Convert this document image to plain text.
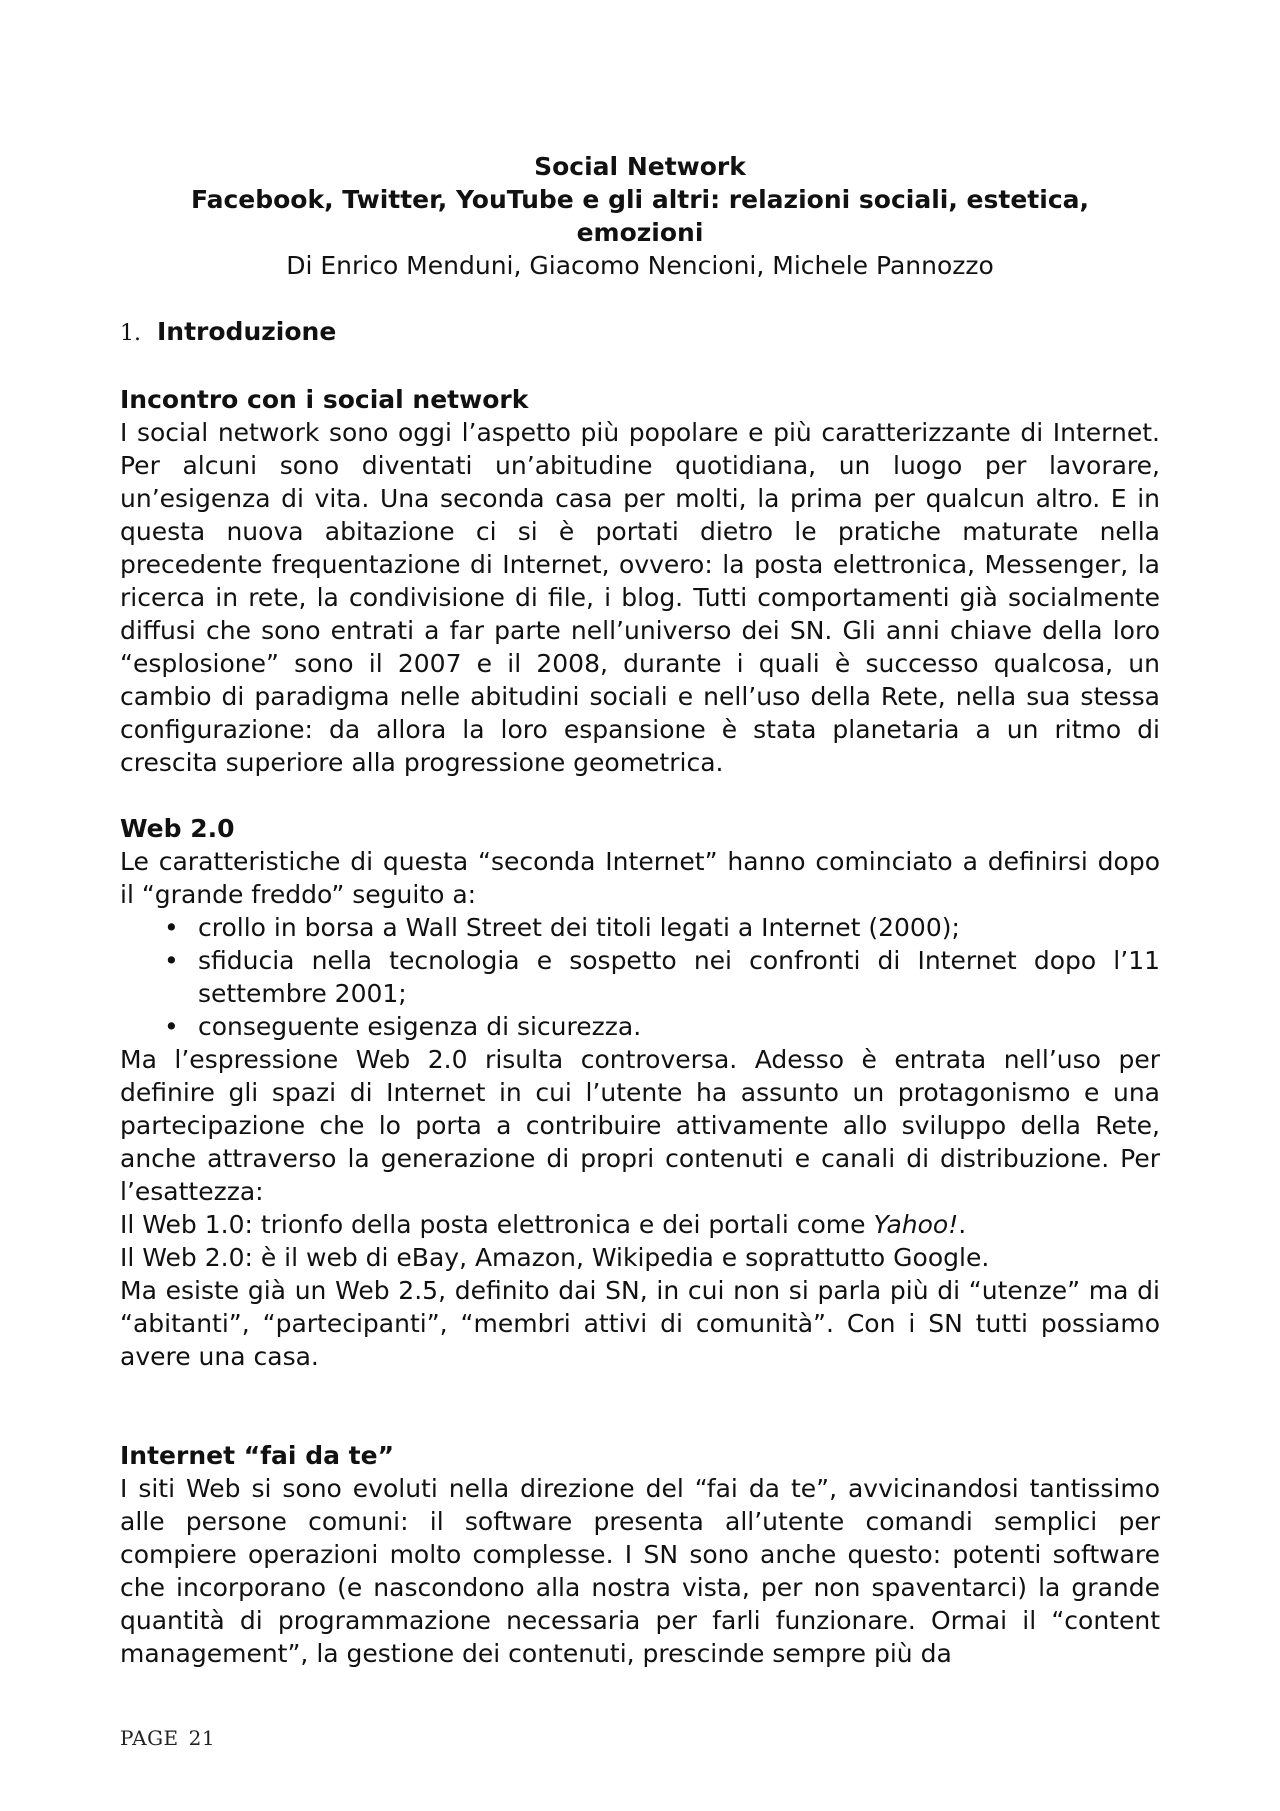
Social Network
Facebook, Twitter, YouTube e gli altri: relazioni sociali, estetica,
emozioni
Di Enrico Menduni, Giacomo Nencioni, Michele Pannozzo
1. Introduzione
Incontro con i social network

I social network sono oggi l’aspetto più popolare e più caratterizzante di Internet. Per alcuni sono diventati un’abitudine quotidiana, un luogo per lavorare, un’esigenza di vita. Una seconda casa per molti, la prima per qualcun altro. E in questa nuova abitazione ci si è portati dietro le pratiche maturate nella precedente frequentazione di Internet, ovvero: la posta elettronica, Messenger, la ricerca in rete, la condivisione di file, i blog. Tutti comportamenti già socialmente diffusi che sono entrati a far parte nell’universo dei SN. Gli anni chiave della loro “esplosione” sono il 2007 e il 2008, durante i quali è successo qualcosa, un cambio di paradigma nelle abitudini sociali e nell’uso della Rete, nella sua stessa configurazione: da allora la loro espansione è stata planetaria a un ritmo di crescita superiore alla progressione geometrica.

Web 2.0

Le caratteristiche di questa “seconda Internet” hanno cominciato a definirsi dopo il “grande freddo” seguito a:

• crollo in borsa a Wall Street dei titoli legati a Internet (2000);
• sfiducia nella tecnologia e sospetto nei confronti di Internet dopo l’11 settembre 2001;
• conseguente esigenza di sicurezza.

Ma l’espressione Web 2.0 risulta controversa. Adesso è entrata nell’uso per definire gli spazi di Internet in cui l’utente ha assunto un protagonismo e una partecipazione che lo porta a contribuire attivamente allo sviluppo della Rete, anche attraverso la generazione di propri contenuti e canali di distribuzione. Per l’esattezza:

Il Web 1.0: trionfo della posta elettronica e dei portali come Yahoo!.
Il Web 2.0: è il web di eBay, Amazon, Wikipedia e soprattutto Google.

Ma esiste già un Web 2.5, definito dai SN, in cui non si parla più di “utenze” ma di “abitanti”, “partecipanti”, “membri attivi di comunità”. Con i SN tutti possiamo avere una casa.

Internet “fai da te”

I siti Web si sono evoluti nella direzione del “fai da te”, avvicinandosi tantissimo alle persone comuni: il software presenta all’utente comandi semplici per compiere operazioni molto complesse. I SN sono anche questo: potenti software che incorporano (e nascondono alla nostra vista, per non spaventarci) la grande quantità di programmazione necessaria per farli funzionare. Ormai il “content management”, la gestione dei contenuti, prescinde sempre più da

PAGE 21
